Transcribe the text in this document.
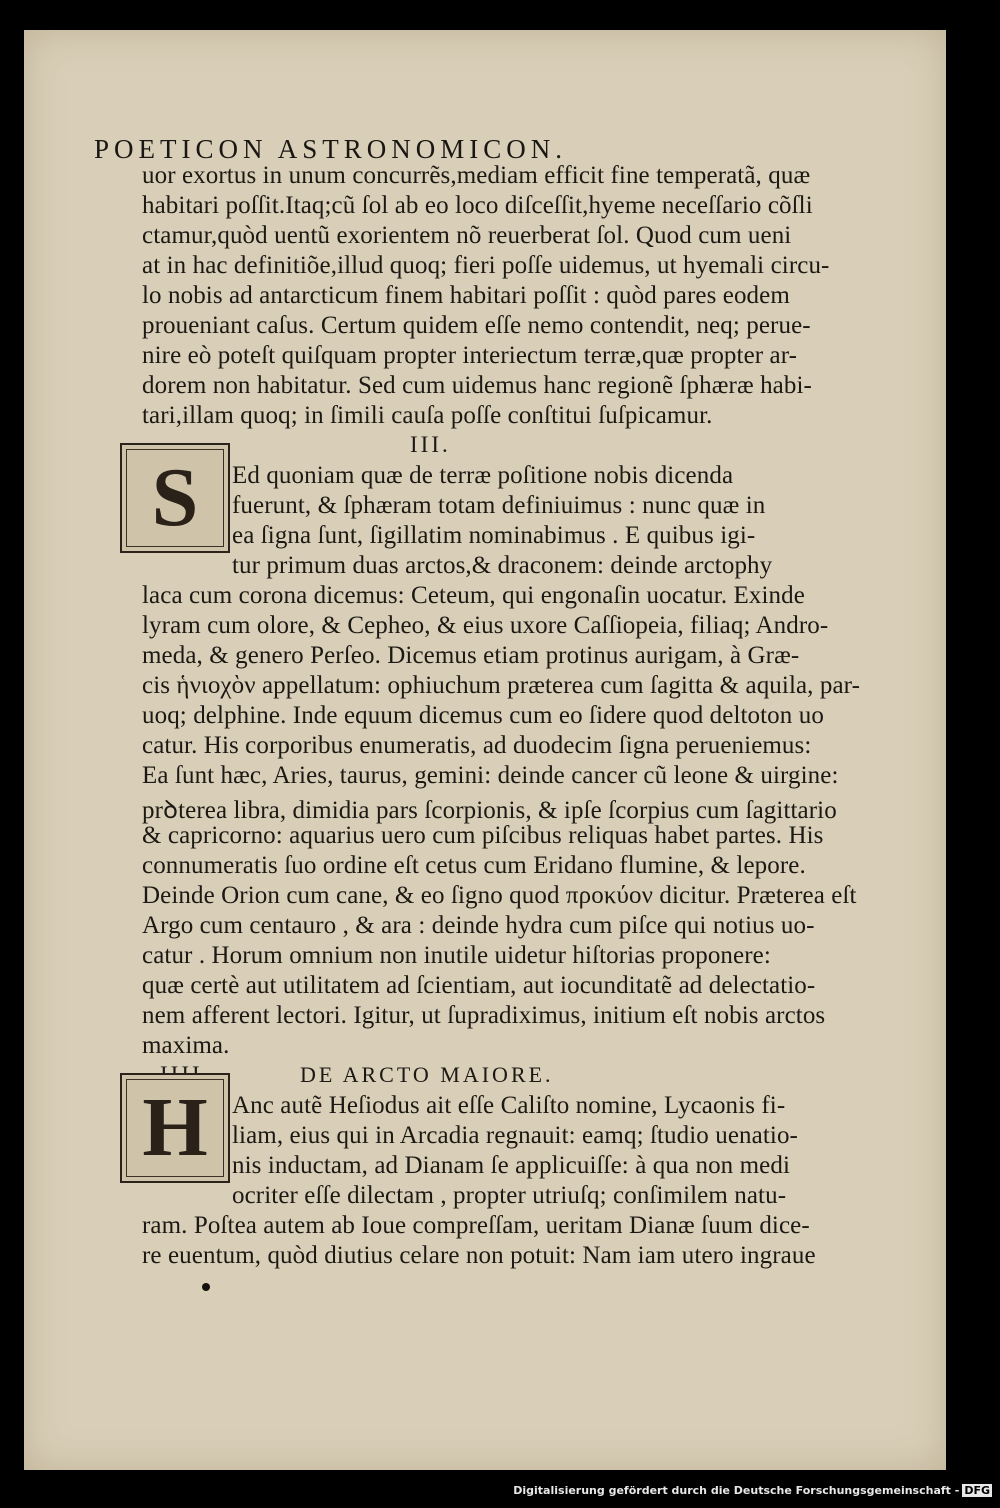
POETICON ASTRONOMICON.
uor exortus in unum concurrẽs,mediam efficit fine temperatã, quæ
habitari poſſit.Itaq;cũ ſol ab eo loco diſceſſit,hyeme neceſſario cõſli
ctamur,quòd uentũ exorientem nõ reuerberat ſol. Quod cum ueni
at in hac definitiõe,illud quoq; fieri poſſe uidemus, ut hyemali circu-
lo nobis ad antarcticum finem habitari poſſit : quòd pares eodem
proueniant caſus. Certum quidem eſſe nemo contendit, neq; perue-
nire eò poteſt quiſquam propter interiectum terræ,quæ propter ar-
dorem non habitatur. Sed cum uidemus hanc regionẽ ſphæræ habi-
tari,illam quoq; in ſimili cauſa poſſe conſtitui ſuſpicamur.
III.
S	Ed quoniam quæ de terræ poſitione nobis dicenda
fuerunt, & ſphæram totam definiuimus : nunc quæ in
ea ſigna ſunt, ſigillatim nominabimus . E quibus igi-
tur primum duas arctos,& draconem: deinde arctophy
laca cum corona dicemus: Ceteum, qui engonaſin uocatur. Exinde
lyram cum olore, & Cepheo, & eius uxore Caſſiopeia, filiaq; Andro-
meda, & genero Perſeo. Dicemus etiam protinus aurigam, à Græ-
cis ἡνιοχὸν appellatum: ophiuchum præterea cum ſagitta & aquila, par-
uoq; delphine. Inde equum dicemus cum eo ſidere quod deltoton uo
catur. His corporibus enumeratis, ad duodecim ſigna perueniemus:
Ea ſunt hæc, Aries, taurus, gemini: deinde cancer cũ leone & uirgine:
prꝺterea libra, dimidia pars ſcorpionis, & ipſe ſcorpius cum ſagittario
& capricorno: aquarius uero cum piſcibus reliquas habet partes. His
connumeratis ſuo ordine eſt cetus cum Eridano flumine, & lepore.
Deinde Orion cum cane, & eo ſigno quod προκύον dicitur. Præterea eſt
Argo cum centauro , & ara : deinde hydra cum piſce qui notius uo-
catur . Horum omnium non inutile uidetur hiſtorias proponere:
quæ certè aut utilitatem ad ſcientiam, aut iocunditatẽ ad delectatio-
nem afferent lectori. Igitur, ut ſupradiximus, initium eſt nobis arctos
maxima.
DE ARCTO MAIORE.
H Anc autẽ Heſiodus ait eſſe Caliſto nomine, Lycaonis fi-
liam, eius qui in Arcadia regnauit: eamq; ſtudio uenatio-
nis inductam, ad Dianam ſe applicuiſſe: à qua non medi
ocriter eſſe dilectam , propter utriuſq; conſimilem natu-
ram. Poſtea autem ab Ioue compreſſam, ueritam Dianæ ſuum dice-
re euentum, quòd diutius celare non potuit: Nam iam utero ingraue
Digitalisierung gefördert durch die Deutsche Forschungsgemeinschaft - DFG
